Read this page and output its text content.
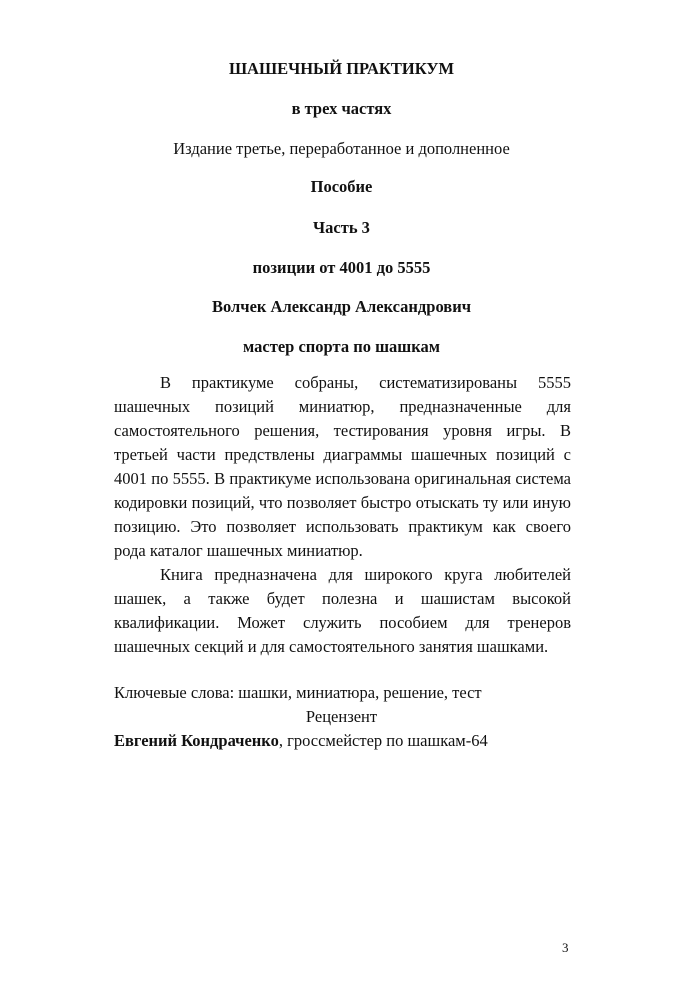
ШАШЕЧНЫЙ ПРАКТИКУМ
в трех частях
Издание третье, переработанное и дополненное
Пособие
Часть 3
позиции от 4001 до 5555
Волчек Александр Александрович
мастер спорта по шашкам

В практикуме собраны, систематизированы 5555 шашечных позиций миниатюр, предназначенные для самостоятельного решения, тестирования уровня игры. В третьей части предствлены диаграммы шашечных позиций с 4001 по 5555. В практикуме использована оригинальная система кодировки позиций, что позволяет быстро отыскать ту или иную позицию. Это позволяет использовать практикум как своего рода каталог шашечных миниатюр.

Книга предназначена для широкого круга любителей шашек, а также будет полезна и шашистам высокой квалификации. Может служить пособием для тренеров шашечных секций и для самостоятельного занятия шашками.

Ключевые слова: шашки, миниатюра, решение, тест
Рецензент
Евгений Кондраченко, гроссмейстер по шашкам-64
3
